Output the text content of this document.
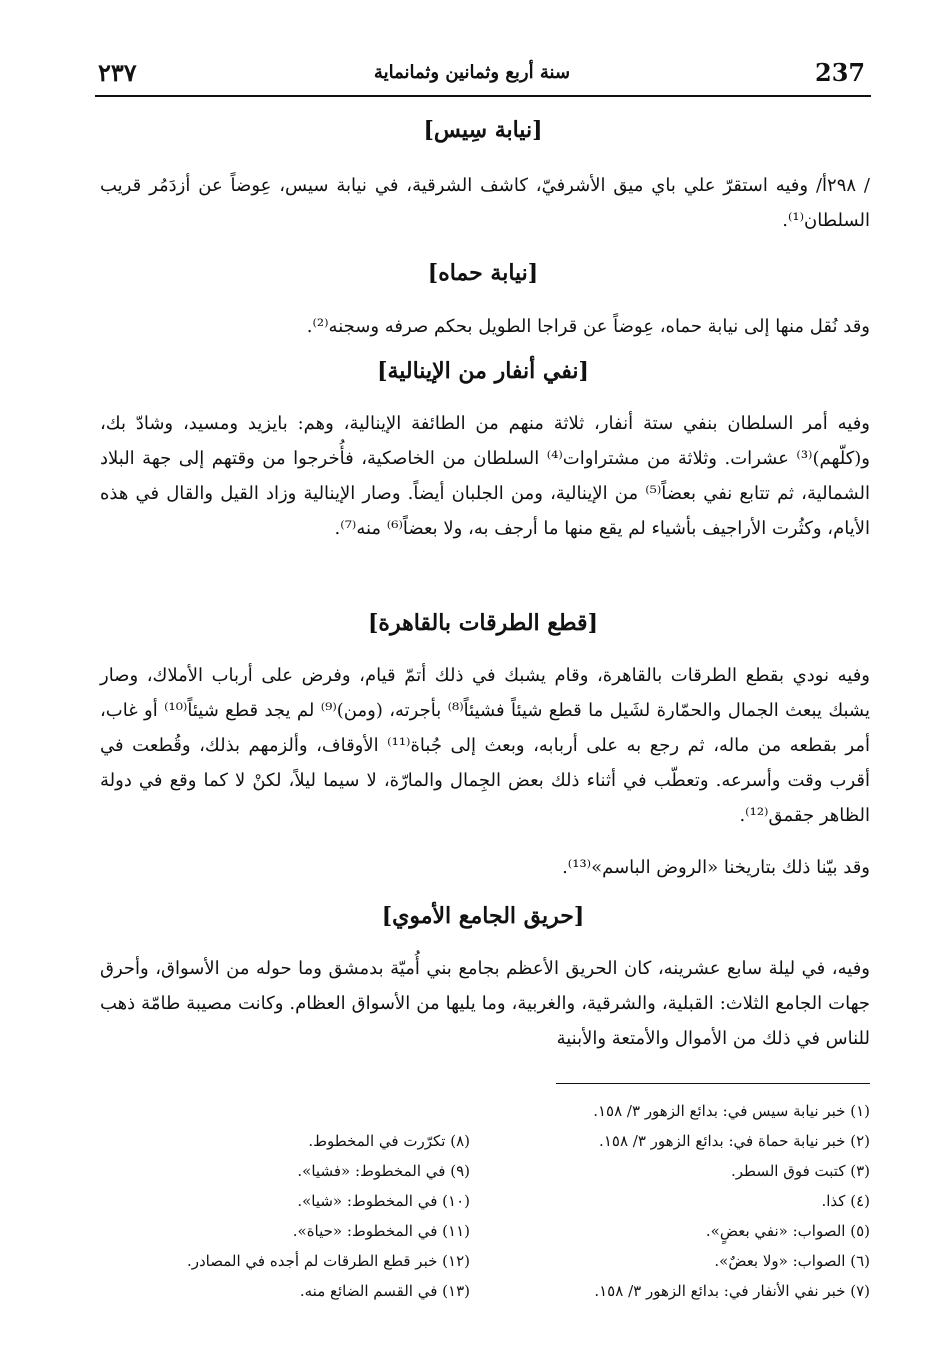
٢٣٧	سنة أربع وثمانين وثمانماية	237
[نيابة سِيس]
/ ٢٩٨أ/ وفيه استقرّ علي باي ميق الأشرفيّ، كاشف الشرقية، في نيابة سيس، عِوضاً عن أزدَمُر قريب السلطان⁽¹⁾.
[نيابة حماه]
وقد نُقل منها إلى نيابة حماه، عِوضاً عن قراجا الطويل بحكم صرفه وسجنه⁽²⁾.
[نفي أنفار من الإينالية]
وفيه أمر السلطان بنفي ستة أنفار، ثلاثة منهم من الطائفة الإينالية، وهم: بايزيد ومسيد، وشادّ بك، و(كلّهم)⁽³⁾ عشرات. وثلاثة من مشتراوات⁽⁴⁾ السلطان من الخاصكية، فأُخرجوا من وقتهم إلى جهة البلاد الشمالية، ثم تتابع نفي بعضاً⁽⁵⁾ من الإينالية، ومن الجلبان أيضاً. وصار الإينالية وزاد القيل والقال في هذه الأيام، وكثُرت الأراجيف بأشياء لم يقع منها ما أرجف به، ولا بعضاً⁽⁶⁾ منه⁽⁷⁾.
[قطع الطرقات بالقاهرة]
وفيه نودي بقطع الطرقات بالقاهرة، وقام يشبك في ذلك أتمّ قيام، وفرض على أرباب الأملاك، وصار يشبك يبعث الجمال والحمّارة لشَيل ما قطع شيئاً فشيئاً⁽⁸⁾ بأجرته، (ومن)⁽⁹⁾ لم يجد قطع شيئاً⁽¹⁰⁾ أو غاب، أمر بقطعه من ماله، ثم رجع به على أربابه، وبعث إلى جُباة⁽¹¹⁾ الأوقاف، وألزمهم بذلك، وقُطعت في أقرب وقت وأسرعه. وتعطّب في أثناء ذلك بعض الجِمال والمارّة، لا سيما ليلاً، لكنْ لا كما وقع في دولة الظاهر جقمق⁽¹²⁾.
وقد بيّنا ذلك بتاريخنا «الروض الباسم»⁽¹³⁾.
[حريق الجامع الأموي]
وفيه، في ليلة سابع عشرينه، كان الحريق الأعظم بجامع بني أُميّة بدمشق وما حوله من الأسواق، وأحرق جهات الجامع الثلاث: القبلية، والشرقية، والغربية، وما يليها من الأسواق العظام. وكانت مصيبة طامّة ذهب للناس في ذلك من الأموال والأمتعة والأبنية
(١) خبر نيابة سيس في: بدائع الزهور ٣/ ١٥٨.
(٢) خبر نيابة حماة في: بدائع الزهور ٣/ ١٥٨.
(٣) كتبت فوق السطر.
(٤) كذا.
(٥) الصواب: «نفي بعضٍ».
(٦) الصواب: «ولا بعضٌ».
(٧) خبر نفي الأنفار في: بدائع الزهور ٣/ ١٥٨.
(٨) تكرّرت في المخطوط.
(٩) في المخطوط: «فشيا».
(١٠) في المخطوط: «شيا».
(١١) في المخطوط: «حياة».
(١٢) خبر قطع الطرقات لم أجده في المصادر.
(١٣) في القسم الضائع منه.
